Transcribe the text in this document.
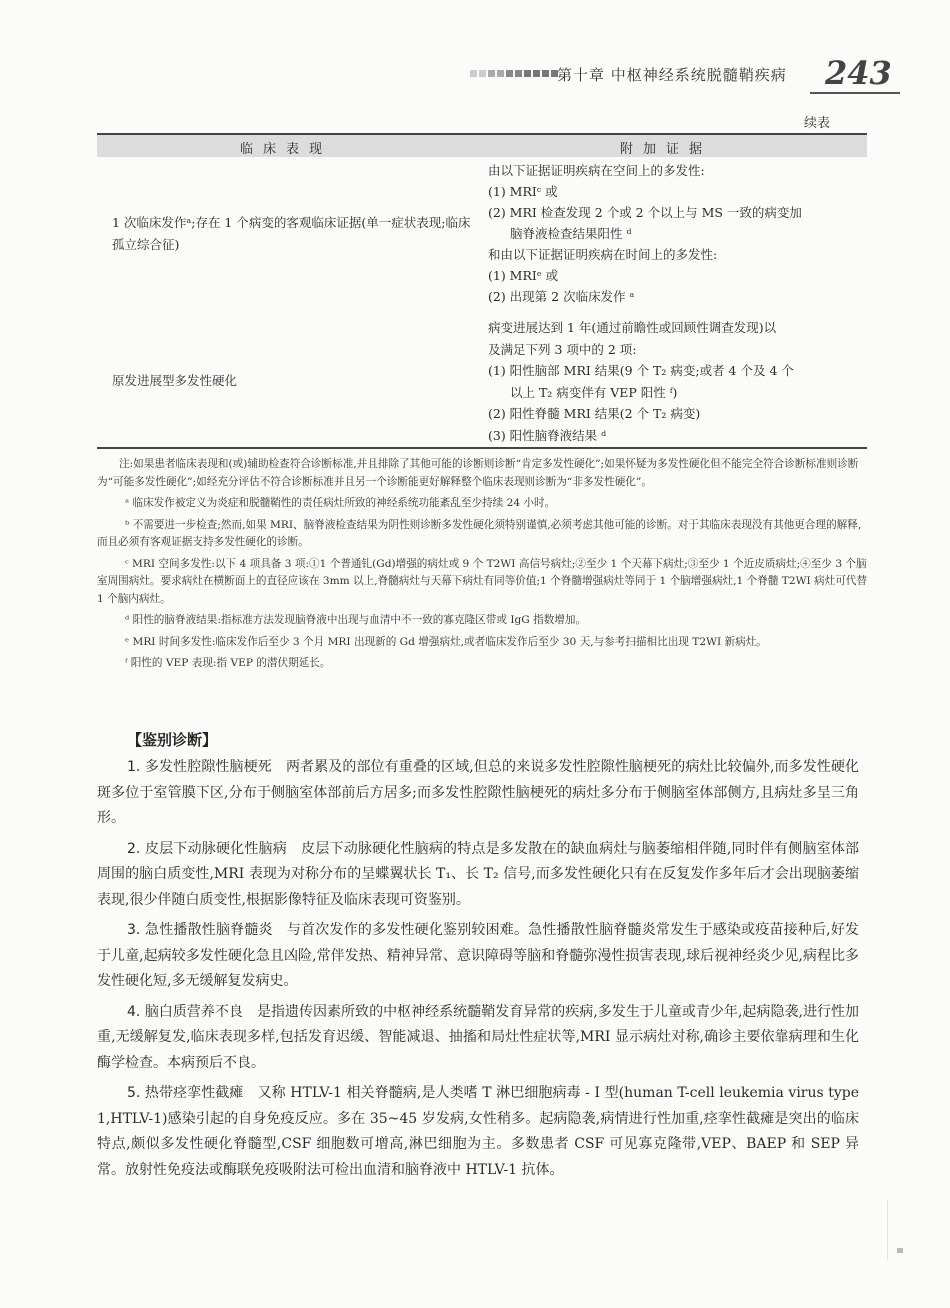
第十章 中枢神经系统脱髓鞘疾病 243
续表
临床表现	附加证据
1 次临床发作ᵃ;存在 1 个病变的客观临床证据(单一症状表现;临床孤立综合征)
由以下证据证明疾病在空间上的多发性:
(1) MRIᶜ 或
(2) MRI 检查发现 2 个或 2 个以上与 MS 一致的病变加
脑脊液检查结果阳性 ᵈ
和由以下证据证明疾病在时间上的多发性:
(1) MRIᵉ 或
(2) 出现第 2 次临床发作 ᵃ
原发进展型多发性硬化
病变进展达到 1 年(通过前瞻性或回顾性调查发现)以
及满足下列 3 项中的 2 项:
(1) 阳性脑部 MRI 结果(9 个 T₂ 病变;或者 4 个及 4 个
以上 T₂ 病变伴有 VEP 阳性 ᶠ)
(2) 阳性脊髓 MRI 结果(2 个 T₂ 病变)
(3) 阳性脑脊液结果 ᵈ

注:如果患者临床表现和(或)辅助检查符合诊断标准,并且排除了其他可能的诊断则诊断“肯定多发性硬化”;如果怀疑为多发性硬化但不能完全符合诊断标准则诊断为“可能多发性硬化”;如经充分评估不符合诊断标准并且另一个诊断能更好解释整个临床表现则诊断为“非多发性硬化”。

ᵃ 临床发作被定义为炎症和脱髓鞘性的责任病灶所致的神经系统功能紊乱至少持续 24 小时。

ᵇ 不需要进一步检查;然而,如果 MRI、脑脊液检查结果为阴性则诊断多发性硬化须特别谨慎,必须考虑其他可能的诊断。对于其临床表现没有其他更合理的解释,而且必须有客观证据支持多发性硬化的诊断。

ᶜ MRI 空间多发性:以下 4 项具备 3 项:①1 个普通钆(Gd)增强的病灶或 9 个 T2WI 高信号病灶;②至少 1 个天幕下病灶;③至少 1 个近皮质病灶;④至少 3 个脑室周围病灶。要求病灶在横断面上的直径应该在 3mm 以上,脊髓病灶与天幕下病灶有同等价值;1 个脊髓增强病灶等同于 1 个脑增强病灶,1 个脊髓 T2WI 病灶可代替 1 个脑内病灶。

ᵈ 阳性的脑脊液结果:指标准方法发现脑脊液中出现与血清中不一致的寡克隆区带或 IgG 指数增加。

ᵉ MRI 时间多发性:临床发作后至少 3 个月 MRI 出现新的 Gd 增强病灶,或者临床发作后至少 30 天,与参考扫描相比出现 T2WI 新病灶。

ᶠ 阳性的 VEP 表现:指 VEP 的潜伏期延长。

【鉴别诊断】

1. 多发性腔隙性脑梗死　 两者累及的部位有重叠的区域,但总的来说多发性腔隙性脑梗死的病灶比较偏外,而多发性硬化斑多位于室管膜下区,分布于侧脑室体部前后方居多;而多发性腔隙性脑梗死的病灶多分布于侧脑室体部侧方,且病灶多呈三角形。

2. 皮层下动脉硬化性脑病　 皮层下动脉硬化性脑病的特点是多发散在的缺血病灶与脑萎缩相伴随,同时伴有侧脑室体部周围的脑白质变性,MRI 表现为对称分布的呈蝶翼状长 T₁、长 T₂ 信号,而多发性硬化只有在反复发作多年后才会出现脑萎缩表现,很少伴随白质变性,根据影像特征及临床表现可资鉴别。

3. 急性播散性脑脊髓炎　 与首次发作的多发性硬化鉴别较困难。急性播散性脑脊髓炎常发生于感染或疫苗接种后,好发于儿童,起病较多发性硬化急且凶险,常伴发热、精神异常、意识障碍等脑和脊髓弥漫性损害表现,球后视神经炎少见,病程比多发性硬化短,多无缓解复发病史。

4. 脑白质营养不良　 是指遗传因素所致的中枢神经系统髓鞘发育异常的疾病,多发生于儿童或青少年,起病隐袭,进行性加重,无缓解复发,临床表现多样,包括发育迟缓、智能减退、抽搐和局灶性症状等,MRI 显示病灶对称,确诊主要依靠病理和生化酶学检查。本病预后不良。

5. 热带痉挛性截瘫　 又称 HTLV-1 相关脊髓病,是人类嗜 T 淋巴细胞病毒 - Ⅰ 型(human T-cell leukemia virus type 1,HTLV-1)感染引起的自身免疫反应。多在 35~45 岁发病,女性稍多。起病隐袭,病情进行性加重,痉挛性截瘫是突出的临床特点,颇似多发性硬化脊髓型,CSF 细胞数可增高,淋巴细胞为主。多数患者 CSF 可见寡克隆带,VEP、BAEP 和 SEP 异常。放射性免疫法或酶联免疫吸附法可检出血清和脑脊液中 HTLV-1 抗体。
